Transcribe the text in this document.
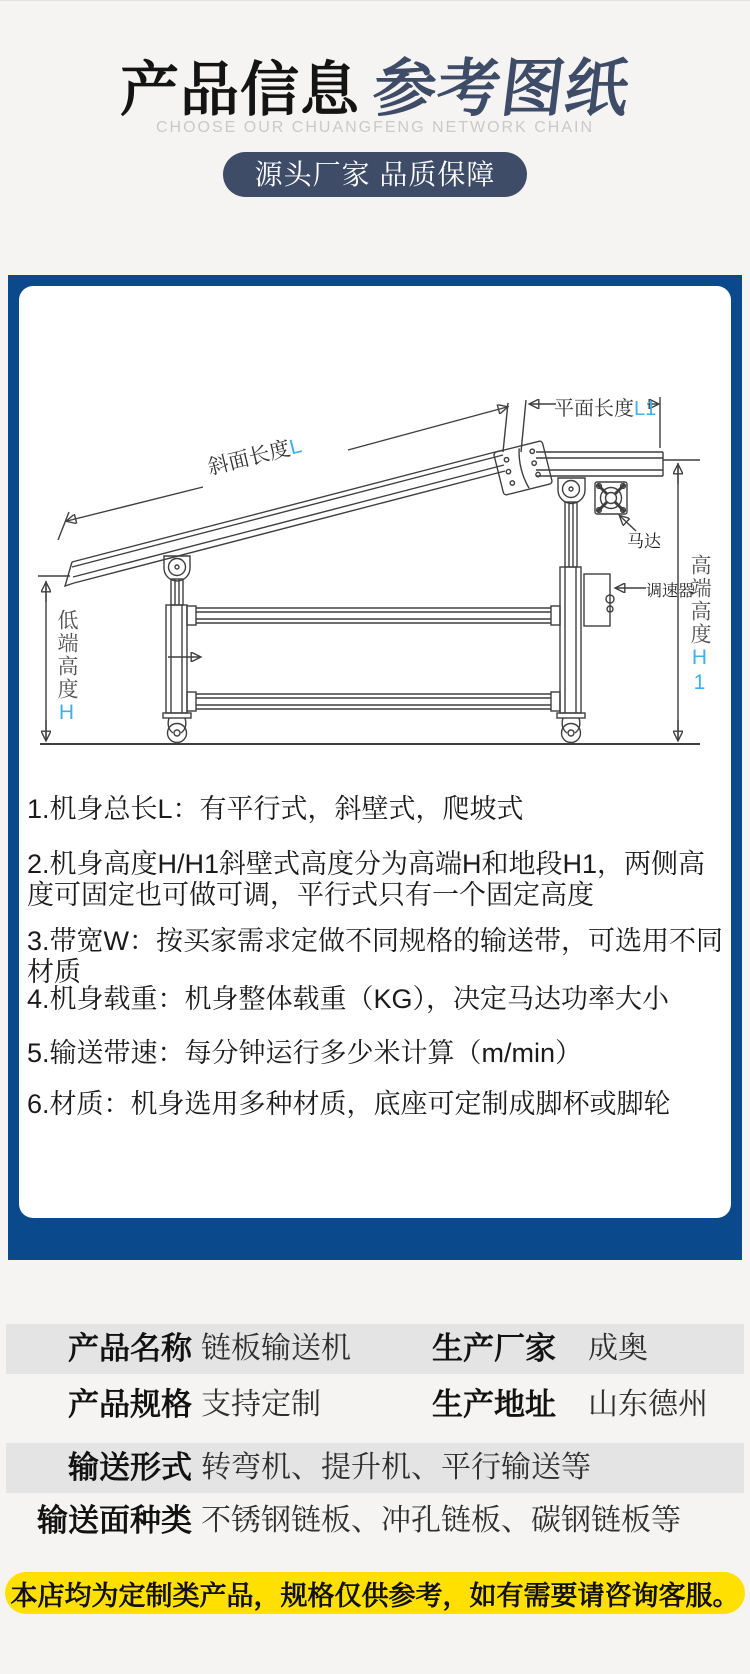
产品信息 参考图纸
CHOOSE OUR CHUANGFENG NETWORK CHAIN
源头厂家 品质保障
平面长度L1
斜面长度L
马达
调速器
低端高度H
高端高度H1
1.机身总长L：有平行式，斜壁式，爬坡式
2.机身高度H/H1斜壁式高度分为高端H和地段H1，两侧高度可固定也可做可调，平行式只有一个固定高度
3.带宽W：按买家需求定做不同规格的输送带，可选用不同材质
4.机身载重：机身整体载重（KG），决定马达功率大小
5.输送带速：每分钟运行多少米计算（m/min）
6.材质：机身选用多种材质，底座可定制成脚杯或脚轮
产品名称 链板输送机	生产厂家 成奥
产品规格 支持定制	生产地址 山东德州
输送形式 转弯机、提升机、平行输送等
输送面种类 不锈钢链板、冲孔链板、碳钢链板等
本店均为定制类产品，规格仅供参考，如有需要请咨询客服。
